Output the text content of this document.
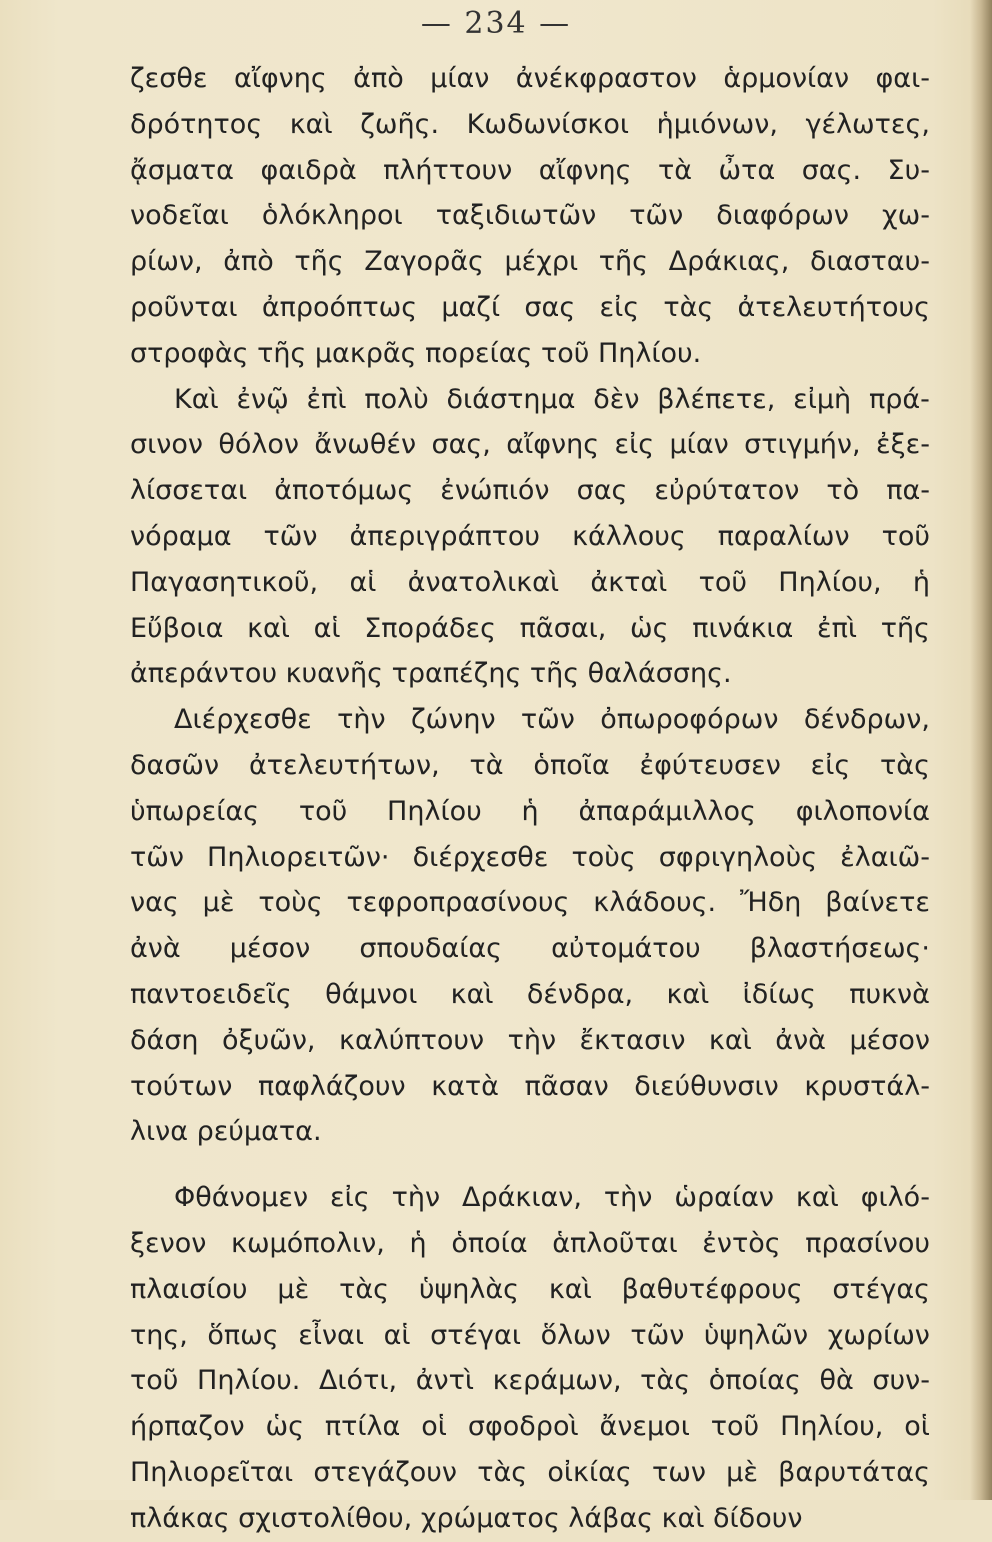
— 234 —
ζεσθε αἴφνης ἀπὸ μίαν ἀνέκφραστον ἁρμονίαν φαι-
δρότητος καὶ ζωῆς. Κωδωνίσκοι ἡμιόνων, γέλωτες,
ᾄσματα φαιδρὰ πλήττουν αἴφνης τὰ ὦτα σας. Συ-
νοδεῖαι ὁλόκληροι ταξιδιωτῶν τῶν διαφόρων χω-
ρίων, ἀπὸ τῆς Ζαγορᾶς μέχρι τῆς Δράκιας, διασταυ-
ροῦνται ἀπροόπτως μαζί σας εἰς τὰς ἀτελευτήτους
στροφὰς τῆς μακρᾶς πορείας τοῦ Πηλίου.
Καὶ ἐνῷ ἐπὶ πολὺ διάστημα δὲν βλέπετε, εἰμὴ πρά-
σινον θόλον ἄνωθέν σας, αἴφνης εἰς μίαν στιγμήν, ἐξε-
λίσσεται ἀποτόμως ἐνώπιόν σας εὐρύτατον τὸ πα-
νόραμα τῶν ἀπεριγράπτου κάλλους παραλίων τοῦ
Παγασητικοῦ, αἱ ἀνατολικαὶ ἀκταὶ τοῦ Πηλίου, ἡ
Εὔβοια καὶ αἱ Σποράδες πᾶσαι, ὡς πινάκια ἐπὶ τῆς
ἀπεράντου κυανῆς τραπέζης τῆς θαλάσσης.
Διέρχεσθε τὴν ζώνην τῶν ὀπωροφόρων δένδρων,
δασῶν ἀτελευτήτων, τὰ ὁποῖα ἐφύτευσεν εἰς τὰς
ὑπωρείας τοῦ Πηλίου ἡ ἀπαράμιλλος φιλοπονία
τῶν Πηλιορειτῶν· διέρχεσθε τοὺς σφριγηλοὺς ἐλαιῶ-
νας μὲ τοὺς τεφροπρασίνους κλάδους. Ἤδη βαίνετε
ἀνὰ μέσον σπουδαίας αὐτομάτου βλαστήσεως·
παντοειδεῖς θάμνοι καὶ δένδρα, καὶ ἰδίως πυκνὰ
δάση ὀξυῶν, καλύπτουν τὴν ἔκτασιν καὶ ἀνὰ μέσον
τούτων παφλάζουν κατὰ πᾶσαν διεύθυνσιν κρυστάλ-
λινα ρεύματα.
Φθάνομεν εἰς τὴν Δράκιαν, τὴν ὡραίαν καὶ φιλό-
ξενον κωμόπολιν, ἡ ὁποία ἁπλοῦται ἐντὸς πρασίνου
πλαισίου μὲ τὰς ὑψηλὰς καὶ βαθυτέφρους στέγας
της, ὅπως εἶναι αἱ στέγαι ὅλων τῶν ὑψηλῶν χωρίων
τοῦ Πηλίου. Διότι, ἀντὶ κεράμων, τὰς ὁποίας θὰ συν-
ήρπαζον ὡς πτίλα οἱ σφοδροὶ ἄνεμοι τοῦ Πηλίου, οἱ
Πηλιορεῖται στεγάζουν τὰς οἰκίας των μὲ βαρυτάτας
πλάκας σχιστολίθου, χρώματος λάβας καὶ δίδουν
